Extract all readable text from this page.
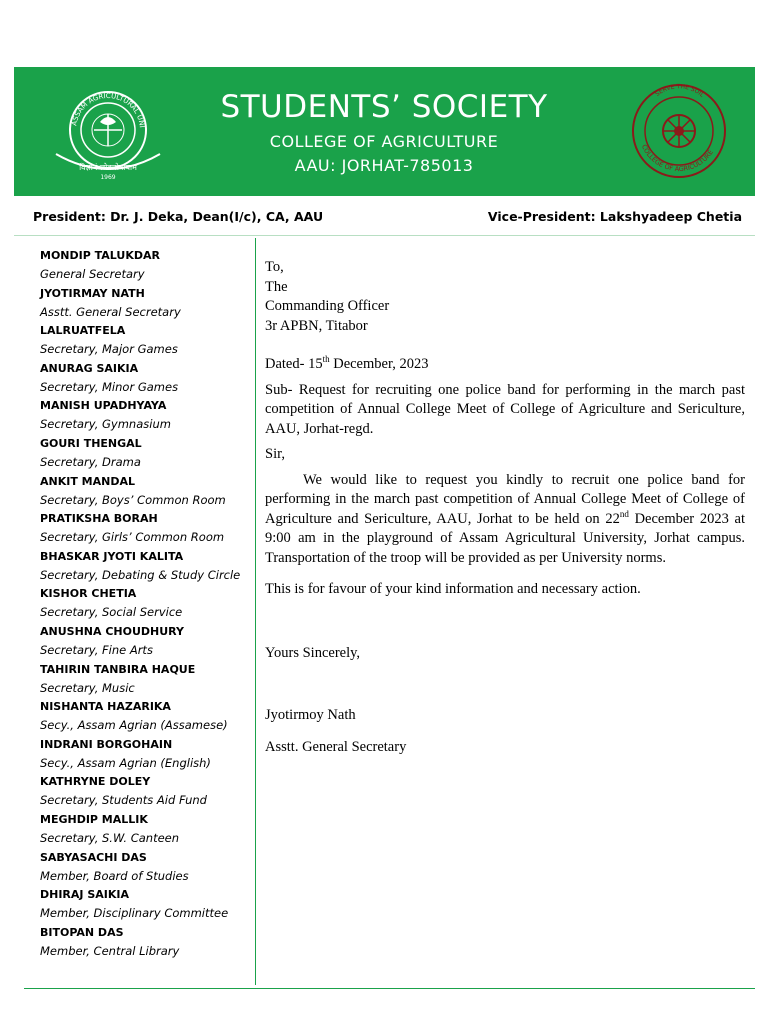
विज्ञानं लोकसेवायाम
1969
ASSAM AGRICULTURAL UNI
STUDENTS’ SOCIETY
COLLEGE OF AGRICULTURE
AAU: JORHAT-785013
COLLEGE OF AGRICULTURE
SERVE THE SOIL
President: Dr. J. Deka, Dean(I/c), CA, AAU	Vice-President: Lakshyadeep Chetia
MONDIP TALUKDAR
General Secretary
JYOTIRMAY NATH
Asstt. General Secretary
LALRUATFELA
Secretary, Major Games
ANURAG SAIKIA
Secretary, Minor Games
MANISH UPADHYAYA
Secretary, Gymnasium
GOURI THENGAL
Secretary, Drama
ANKIT MANDAL
Secretary, Boys’ Common Room
PRATIKSHA BORAH
Secretary, Girls’ Common Room
BHASKAR JYOTI KALITA
Secretary, Debating & Study Circle
KISHOR CHETIA
Secretary, Social Service
ANUSHNA CHOUDHURY
Secretary, Fine Arts
TAHIRIN TANBIRA HAQUE
Secretary, Music
NISHANTA HAZARIKA
Secy., Assam Agrian (Assamese)
INDRANI BORGOHAIN
Secy., Assam Agrian (English)
KATHRYNE DOLEY
Secretary, Students Aid Fund
MEGHDIP MALLIK
Secretary, S.W. Canteen
SABYASACHI DAS
Member, Board of Studies
DHIRAJ SAIKIA
Member, Disciplinary Committee
BITOPAN DAS
Member, Central Library
To,
The
Commanding Officer
3r APBN, Titabor
Dated- 15th December, 2023
Sub- Request for recruiting one police band for performing in the march past competition of Annual College Meet of College of Agriculture and Sericulture, AAU, Jorhat-regd.
Sir,
We would like to request you kindly to recruit one police band for performing in the march past competition of Annual College Meet of College of Agriculture and Sericulture, AAU, Jorhat to be held on 22nd December 2023 at 9:00 am in the playground of Assam Agricultural University, Jorhat campus. Transportation of the troop will be provided as per University norms.
This is for favour of your kind information and necessary action.
Yours Sincerely,
Jyotirmoy Nath
Asstt. General Secretary
